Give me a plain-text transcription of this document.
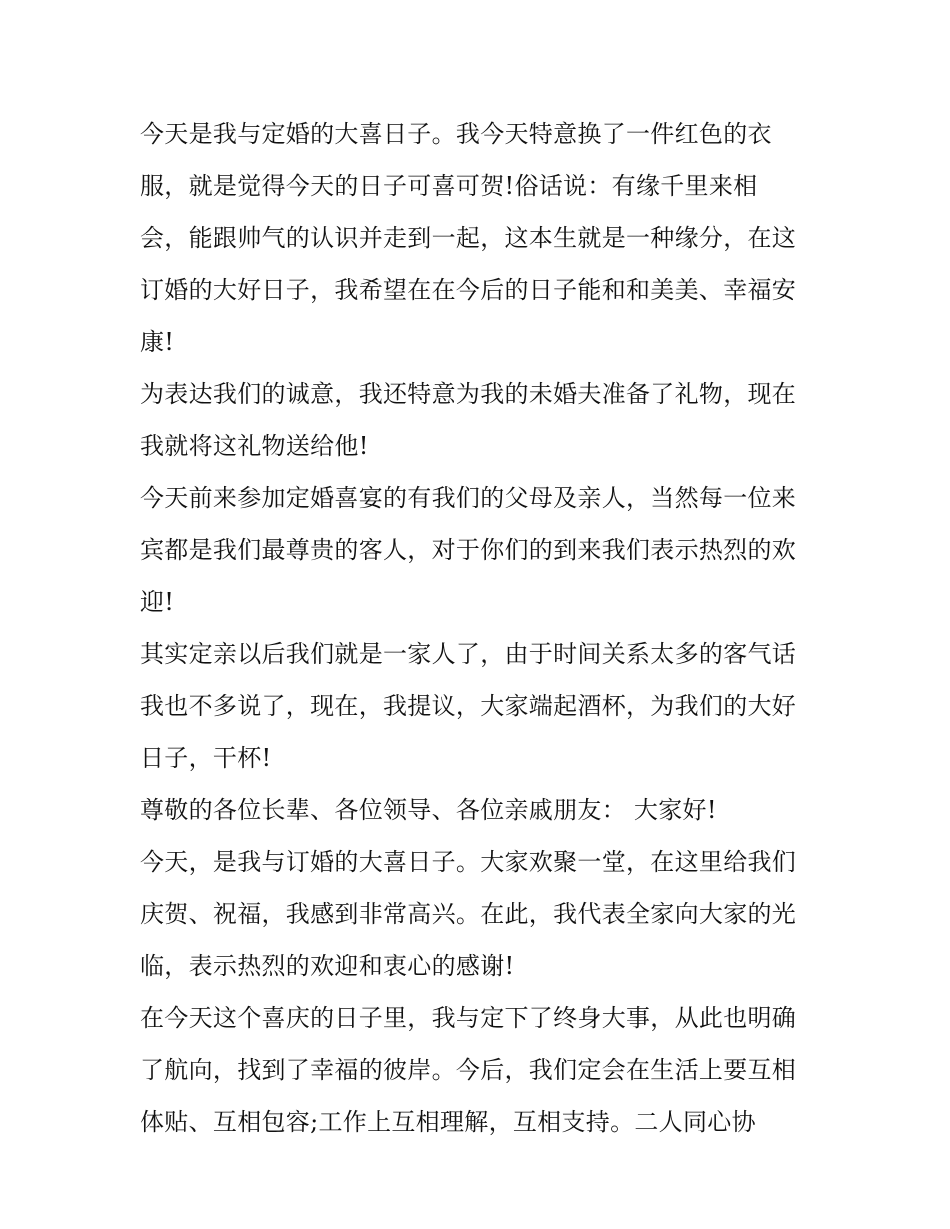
今天是我与定婚的大喜日子。我今天特意换了一件红色的衣
服，就是觉得今天的日子可喜可贺!俗话说：有缘千里来相
会，能跟帅气的认识并走到一起，这本生就是一种缘分，在这
订婚的大好日子，我希望在在今后的日子能和和美美、幸福安
康!
为表达我们的诚意，我还特意为我的未婚夫准备了礼物，现在
我就将这礼物送给他!
今天前来参加定婚喜宴的有我们的父母及亲人，当然每一位来
宾都是我们最尊贵的客人，对于你们的到来我们表示热烈的欢
迎!
其实定亲以后我们就是一家人了，由于时间关系太多的客气话
我也不多说了，现在，我提议，大家端起酒杯，为我们的大好
日子，干杯!
尊敬的各位长辈、各位领导、各位亲戚朋友： 大家好!
今天，是我与订婚的大喜日子。大家欢聚一堂，在这里给我们
庆贺、祝福，我感到非常高兴。在此，我代表全家向大家的光
临，表示热烈的欢迎和衷心的感谢!
在今天这个喜庆的日子里，我与定下了终身大事，从此也明确
了航向，找到了幸福的彼岸。今后，我们定会在生活上要互相
体贴、互相包容;工作上互相理解，互相支持。二人同心协
